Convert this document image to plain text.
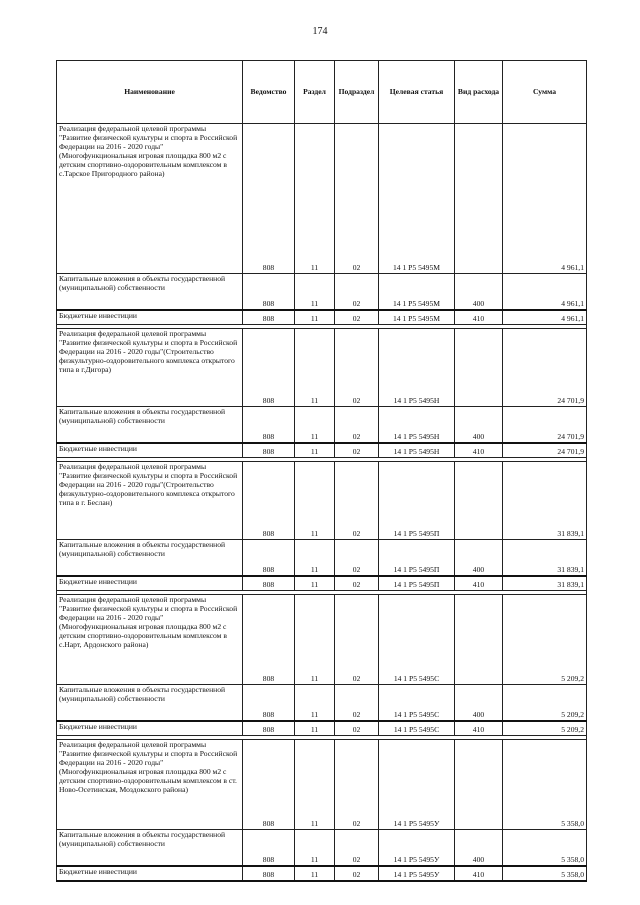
174
Наименование	Ведомство	Раздел	Подраздел	Целевая статья	Вид расхода	Сумма
Реализация федеральной целевой программы "Развитие физической культуры и спорта в Российской Федерации на 2016 - 2020 годы"(Многофункциональная игровая площадка 800 м2 с детским спортивно-оздоровительным комплексом в с.Тарское Пригородного района)	808	11	02	14 1 P5 5495М		4 961,1
Капитальные вложения в объекты государственной (муниципальной) собственности	808	11	02	14 1 P5 5495М	400	4 961,1
Бюджетные инвестиции	808	11	02	14 1 P5 5495М	410	4 961,1

Реализация федеральной целевой программы "Развитие физической культуры и спорта в Российской Федерации на 2016 - 2020 годы"(Строительство физкультурно-оздоровительного комплекса открытого типа в г.Дигора)	808	11	02	14 1 P5 5495Н		24 701,9
Капитальные вложения в объекты государственной (муниципальной) собственности	808	11	02	14 1 P5 5495Н	400	24 701,9
Бюджетные инвестиции	808	11	02	14 1 P5 5495Н	410	24 701,9

Реализация федеральной целевой программы "Развитие физической культуры и спорта в Российской Федерации на 2016 - 2020 годы"(Строительство физкультурно-оздоровительного комплекса открытого типа в г. Беслан)	808	11	02	14 1 P5 5495П		31 839,1
Капитальные вложения в объекты государственной (муниципальной) собственности	808	11	02	14 1 P5 5495П	400	31 839,1
Бюджетные инвестиции	808	11	02	14 1 P5 5495П	410	31 839,1

Реализация федеральной целевой программы "Развитие физической культуры и спорта в Российской Федерации на 2016 - 2020 годы"(Многофункциональная игровая площадка 800 м2 с детским спортивно-оздоровительным комплексом в с.Нарт, Ардонского района)	808	11	02	14 1 P5 5495С		5 209,2
Капитальные вложения в объекты государственной (муниципальной) собственности	808	11	02	14 1 P5 5495С	400	5 209,2
Бюджетные инвестиции	808	11	02	14 1 P5 5495С	410	5 209,2

Реализация федеральной целевой программы "Развитие физической культуры и спорта в Российской Федерации на 2016 - 2020 годы"(Многофункциональная игровая площадка 800 м2 с детским спортивно-оздоровительным комплексом в ст. Ново-Осетинская, Моздокского района)	808	11	02	14 1 P5 5495У		5 358,0
Капитальные вложения в объекты государственной (муниципальной) собственности	808	11	02	14 1 P5 5495У	400	5 358,0
Бюджетные инвестиции	808	11	02	14 1 P5 5495У	410	5 358,0
